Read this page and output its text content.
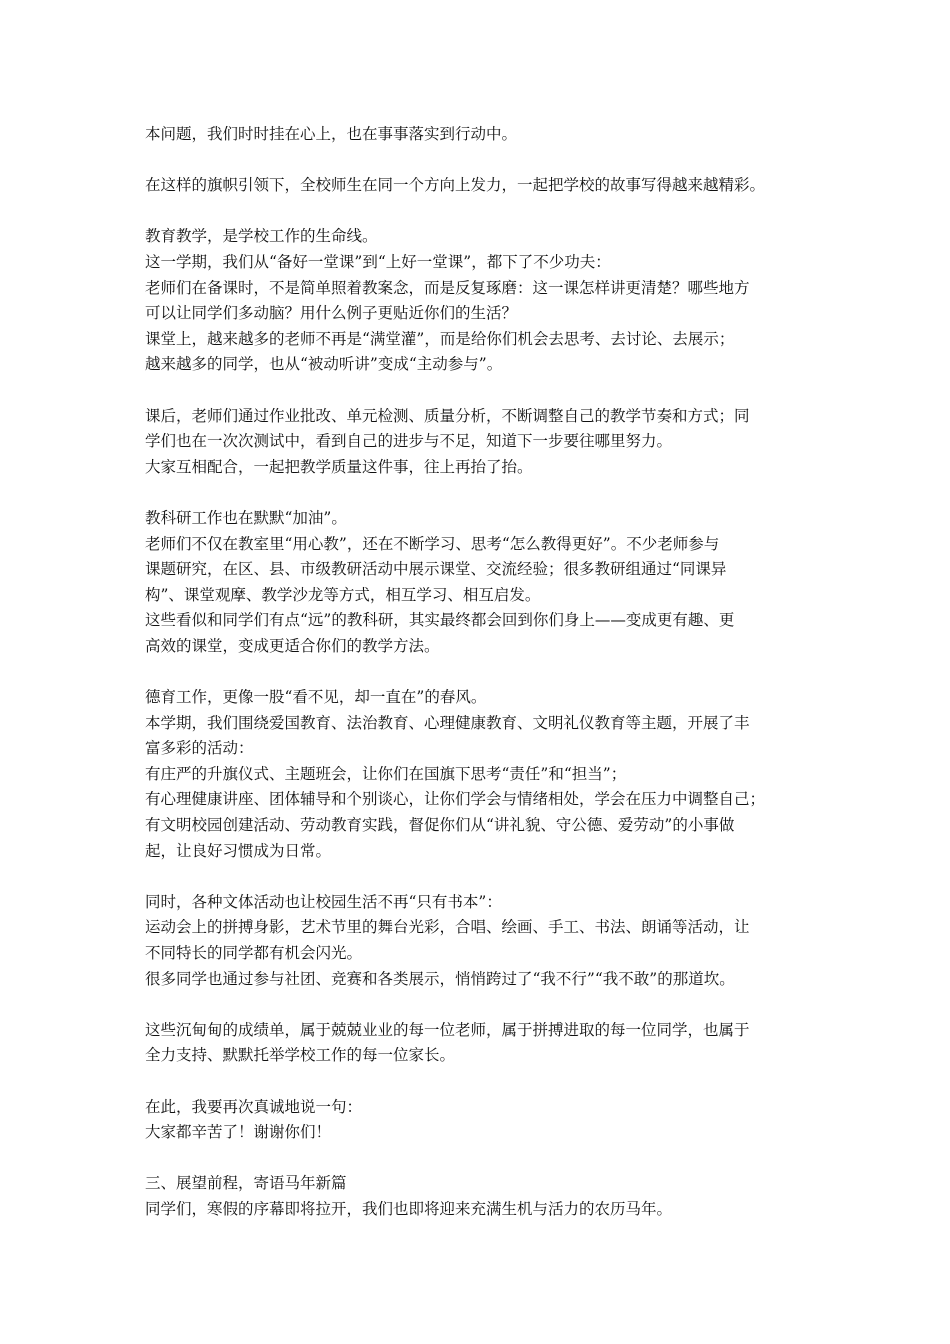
本问题，我们时时挂在心上，也在事事落实到行动中。
在这样的旗帜引领下，全校师生在同一个方向上发力，一起把学校的故事写得越来越精彩。
教育教学，是学校工作的生命线。
这一学期，我们从“备好一堂课”到“上好一堂课”，都下了不少功夫：
老师们在备课时，不是简单照着教案念，而是反复琢磨：这一课怎样讲更清楚？哪些地方
可以让同学们多动脑？用什么例子更贴近你们的生活？
课堂上，越来越多的老师不再是“满堂灌”，而是给你们机会去思考、去讨论、去展示；
越来越多的同学，也从“被动听讲”变成“主动参与”。
课后，老师们通过作业批改、单元检测、质量分析，不断调整自己的教学节奏和方式；同
学们也在一次次测试中，看到自己的进步与不足，知道下一步要往哪里努力。
大家互相配合，一起把教学质量这件事，往上再抬了抬。
教科研工作也在默默“加油”。
老师们不仅在教室里“用心教”，还在不断学习、思考“怎么教得更好”。不少老师参与
课题研究，在区、县、市级教研活动中展示课堂、交流经验；很多教研组通过“同课异
构”、课堂观摩、教学沙龙等方式，相互学习、相互启发。
这些看似和同学们有点“远”的教科研，其实最终都会回到你们身上——变成更有趣、更
高效的课堂，变成更适合你们的教学方法。
德育工作，更像一股“看不见，却一直在”的春风。
本学期，我们围绕爱国教育、法治教育、心理健康教育、文明礼仪教育等主题，开展了丰
富多彩的活动：
有庄严的升旗仪式、主题班会，让你们在国旗下思考“责任”和“担当”；
有心理健康讲座、团体辅导和个别谈心，让你们学会与情绪相处，学会在压力中调整自己；
有文明校园创建活动、劳动教育实践，督促你们从“讲礼貌、守公德、爱劳动”的小事做
起，让良好习惯成为日常。
同时，各种文体活动也让校园生活不再“只有书本”：
运动会上的拼搏身影，艺术节里的舞台光彩，合唱、绘画、手工、书法、朗诵等活动，让
不同特长的同学都有机会闪光。
很多同学也通过参与社团、竞赛和各类展示，悄悄跨过了“我不行”“我不敢”的那道坎。
这些沉甸甸的成绩单，属于兢兢业业的每一位老师，属于拼搏进取的每一位同学，也属于
全力支持、默默托举学校工作的每一位家长。
在此，我要再次真诚地说一句：
大家都辛苦了！谢谢你们！
三、展望前程，寄语马年新篇
同学们，寒假的序幕即将拉开，我们也即将迎来充满生机与活力的农历马年。
